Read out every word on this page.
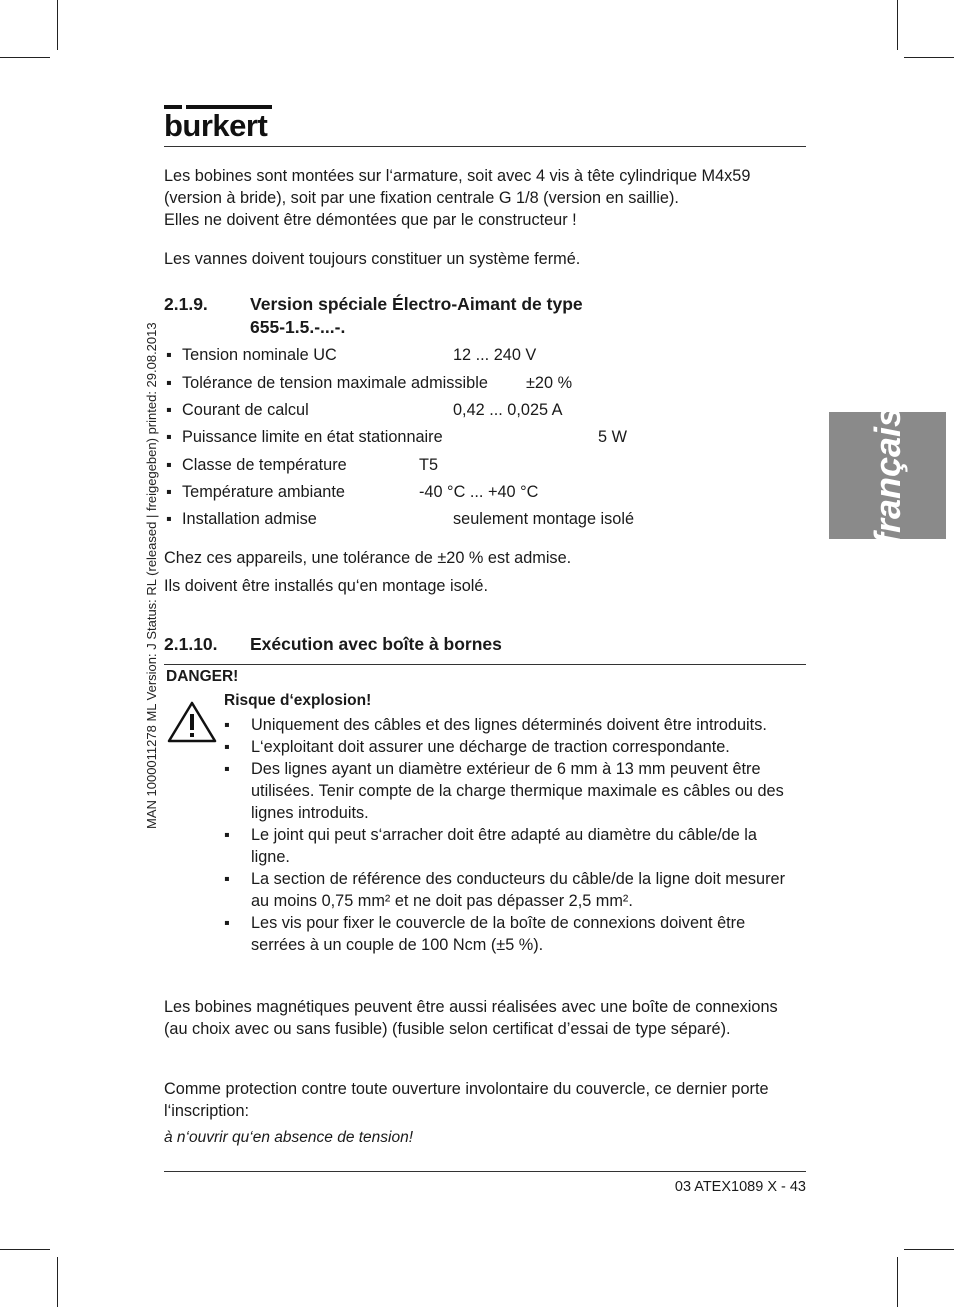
burkert
MAN 1000011278 ML Version: J Status: RL (released | freigegeben) printed: 29.08.2013	français
Les bobines sont montées sur l‘armature, soit avec 4 vis à tête cylindrique M4x59
(version à bride), soit par une fixation centrale G 1/8 (version en saillie).
Elles ne doivent être démontées que par le constructeur !
Les vannes doivent toujours constituer un système fermé.
2.1.9. Version spéciale Électro-Aimant de type
655-1.5.-...-.
▪ Tension nominale UC	12 ... 240 V
▪ Tolérance de tension maximale admissible ±20 %
▪ Courant de calcul	0,42 ... 0,025 A
▪ Puissance limite en état stationnaire	5 W
▪ Classe de température	T5
▪ Température ambiante	-40 °C ... +40 °C
▪ Installation admise	seulement montage isolé
Chez ces appareils, une tolérance de ±20 % est admise.
Ils doivent être installés qu‘en montage isolé.
2.1.10. Exécution avec boîte à bornes
DANGER!
Risque d‘explosion!
▪ Uniquement des câbles et des lignes déterminés doivent être introduits.
▪ L‘exploitant doit assurer une décharge de traction correspondante.
▪ Des lignes ayant un diamètre extérieur de 6 mm à 13 mm peuvent être utilisées. Tenir compte de la charge thermique maximale es câbles ou des lignes introduits.
▪ Le joint qui peut s‘arracher doit être adapté au diamètre du câble/de la ligne.
▪ La section de référence des conducteurs du câble/de la ligne doit mesurer au moins 0,75 mm² et ne doit pas dépasser 2,5 mm².
▪ Les vis pour fixer le couvercle de la boîte de connexions doivent être serrées à un couple de 100 Ncm (±5 %).
Les bobines magnétiques peuvent être aussi réalisées avec une boîte de connexions (au choix avec ou sans fusible) (fusible selon certificat d’essai de type séparé).
Comme protection contre toute ouverture involontaire du couvercle, ce dernier porte l‘inscription:
à n‘ouvrir qu‘en absence de tension!
03 ATEX1089 X - 43
